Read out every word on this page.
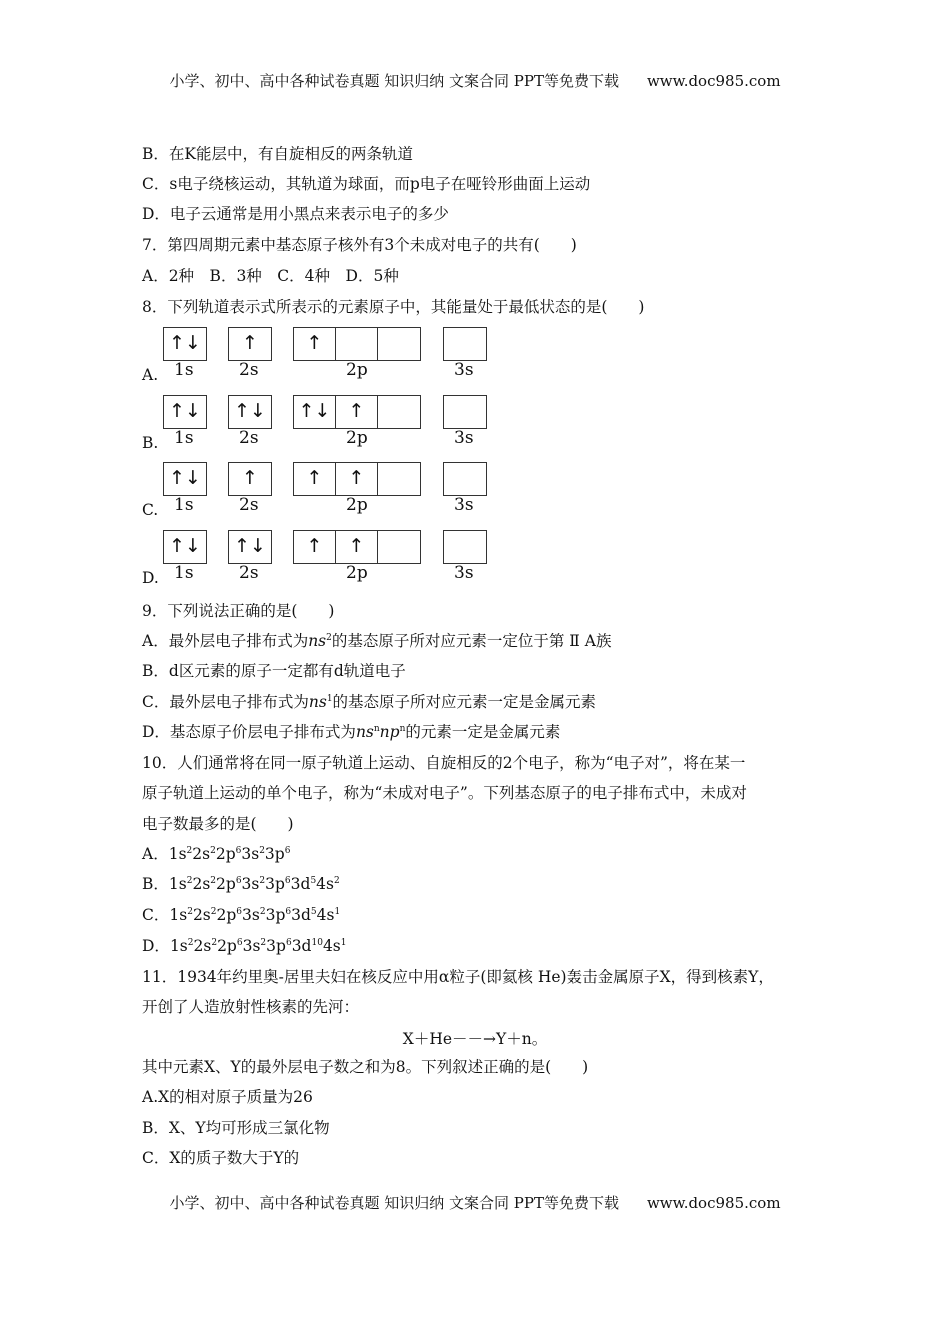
小学、初中、高中各种试卷真题 知识归纳 文案合同 PPT等免费下载 www.doc985.com
B．在K能层中，有自旋相反的两条轨道
C．s电子绕核运动，其轨道为球面，而p电子在哑铃形曲面上运动
D．电子云通常是用小黑点来表示电子的多少
7．第四周期元素中基态原子核外有3个未成对电子的共有(　　)
A．2种　B．3种　C．4种　D．5种
8．下列轨道表示式所表示的元素原子中，其能量处于最低状态的是(　　)
A.
↑↓
1s
↑
2s
↑
2p	3s
B.
↑↓
1s
↑↓
2s
↑↓ ↑
2p	3s
C.
↑↓
1s
↑
2s
↑	↑
2p	3s
D.
↑↓
1s
↑↓
2s
↑	↑
2p	3s
9．下列说法正确的是(　　)
A．最外层电子排布式为$ns^2$的基态原子所对应元素一定位于第 Ⅱ A族
B．d区元素的原子一定都有d轨道电子
C．最外层电子排布式为$ns^1$的基态原子所对应元素一定是金属元素
D．基态原子价层电子排布式为$ns^nnp^n$的元素一定是金属元素
10．人们通常将在同一原子轨道上运动、自旋相反的2个电子，称为“电子对”，将在某一
原子轨道上运动的单个电子，称为“未成对电子”。下列基态原子的电子排布式中，未成对
电子数最多的是(　　)
A．$1s^22s^22p^63s^23p^6$
B．$1s^22s^22p^63s^23p^63d^54s^2$
C．$1s^22s^22p^63s^23p^63d^54s^1$
D．$1s^22s^22p^63s^23p^63d^{10}4s^1$
11．1934年约里奥-居里夫妇在核反应中用α粒子(即氦核 He)轰击金属原子X，得到核素Y，
开创了人造放射性核素的先河：
X＋He－－→Y＋n。
其中元素X、Y的最外层电子数之和为8。下列叙述正确的是(　　)
A.X的相对原子质量为26
B．X、Y均可形成三氯化物
C．X的质子数大于Y的
小学、初中、高中各种试卷真题 知识归纳 文案合同 PPT等免费下载 www.doc985.com
